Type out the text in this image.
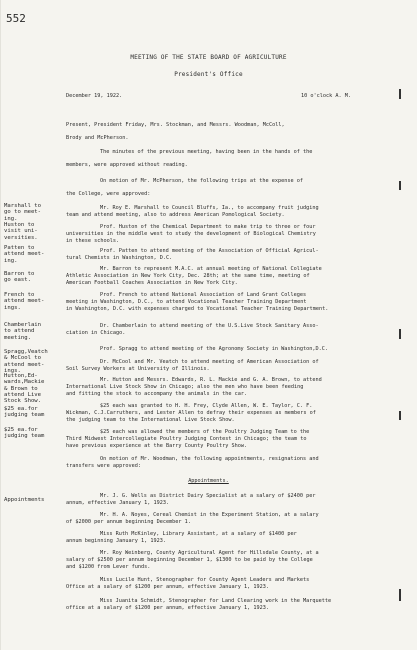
552
MEETING OF THE STATE BOARD OF AGRICULTURE
President's Office
December 19, 1922.	10 o'clock A. M.
Present, President Friday, Mrs. Stockman, and Messrs. Woodman, McColl,
Brody and McPherson.
The minutes of the previous meeting, having been in the hands of the
members, were approved without reading.
On motion of Mr. McPherson, the following trips at the expense of
the College, were approved:
Marshall to
go to meet-
ing.
Mr. Roy E. Marshall to Council Bluffs, Ia., to accompany fruit judging
team and attend meeting, also to address American Pomological Society.
Huston to
visit uni-
versities.
Prof. Huston of the Chemical Department to make trip to three or four
universities in the middle west to study the development of Biological Chemistry
in these schools.
Patten to
attend meet-
ing.
Prof. Patten to attend meeting of the Association of Official Agricul-
tural Chemists in Washington, D.C.
Barron to
go east.
Mr. Barron to represent M.A.C. at annual meeting of National Collegiate
Athletic Association in New York City, Dec. 28th; at the same time, meeting of
American Football Coaches Association in New York City.
French to
attend meet-
ings.
Prof. French to attend National Association of Land Grant Colleges
meeting in Washington, D.C., to attend Vocational Teacher Training Department
in Washington, D.C. with expenses charged to Vocational Teacher Training Department.
Chamberlain
to attend
meeting.
Dr. Chamberlain to attend meeting of the U.S.Live Stock Sanitary Asso-
ciation in Chicago.
Spragg,Veatch
& McCool to
attend meet-
ings.
Prof. Spragg to attend meeting of the Agronomy Society in Washington,D.C.
Dr. McCool and Mr. Veatch to attend meeting of American Association of
Soil Survey Workers at University of Illinois.
Hutton,Ed-
wards,Mackie
& Brown to
attend Live
Stock Show.
Mr. Hutton and Messrs. Edwards, R. L. Mackie and G. A. Brown, to attend
International Live Stock Show in Chicago; also the men who have been feeding
and fitting the stock to accompany the animals in the car.
$25 ea.for
judging team
$25 each was granted to H. H. Frey, Clyde Allen, W. E. Taylor, C. F.
Wickman, C.J.Carruthers, and Lester Allen to defray their expenses as members of
the judging team to the International Live Stock Show.
$25 ea.for
judging team
$25 each was allowed the members of the Poultry Judging Team to the
Third Midwest Intercollegiate Poultry Judging Contest in Chicago; the team to
have previous experience at the Barry County Poultry Show.
On motion of Mr. Woodman, the following appointments, resignations and
transfers were approved:
Appointments.
Appointments
Mr. J. G. Wells as District Dairy Specialist at a salary of $2400 per
annum, effective January 1, 1923.
Mr. H. A. Noyes, Cereal Chemist in the Experiment Station, at a salary
of $2000 per annum beginning December 1.
Miss Ruth McKinley, Library Assistant, at a salary of $1400 per
annum beginning January 1, 1923.
Mr. Roy Weinberg, County Agricultural Agent for Hillsdale County, at a
salary of $2500 per annum beginning December 1, $1300 to be paid by the College
and $1200 from Lever funds.
Miss Lucile Hunt, Stenographer for County Agent Leaders and Markets
Office at a salary of $1200 per annum, effective January 1, 1923.
Miss Juanita Schmidt, Stenographer for Land Clearing work in the Marquette
office at a salary of $1200 per annum, effective January 1, 1923.
